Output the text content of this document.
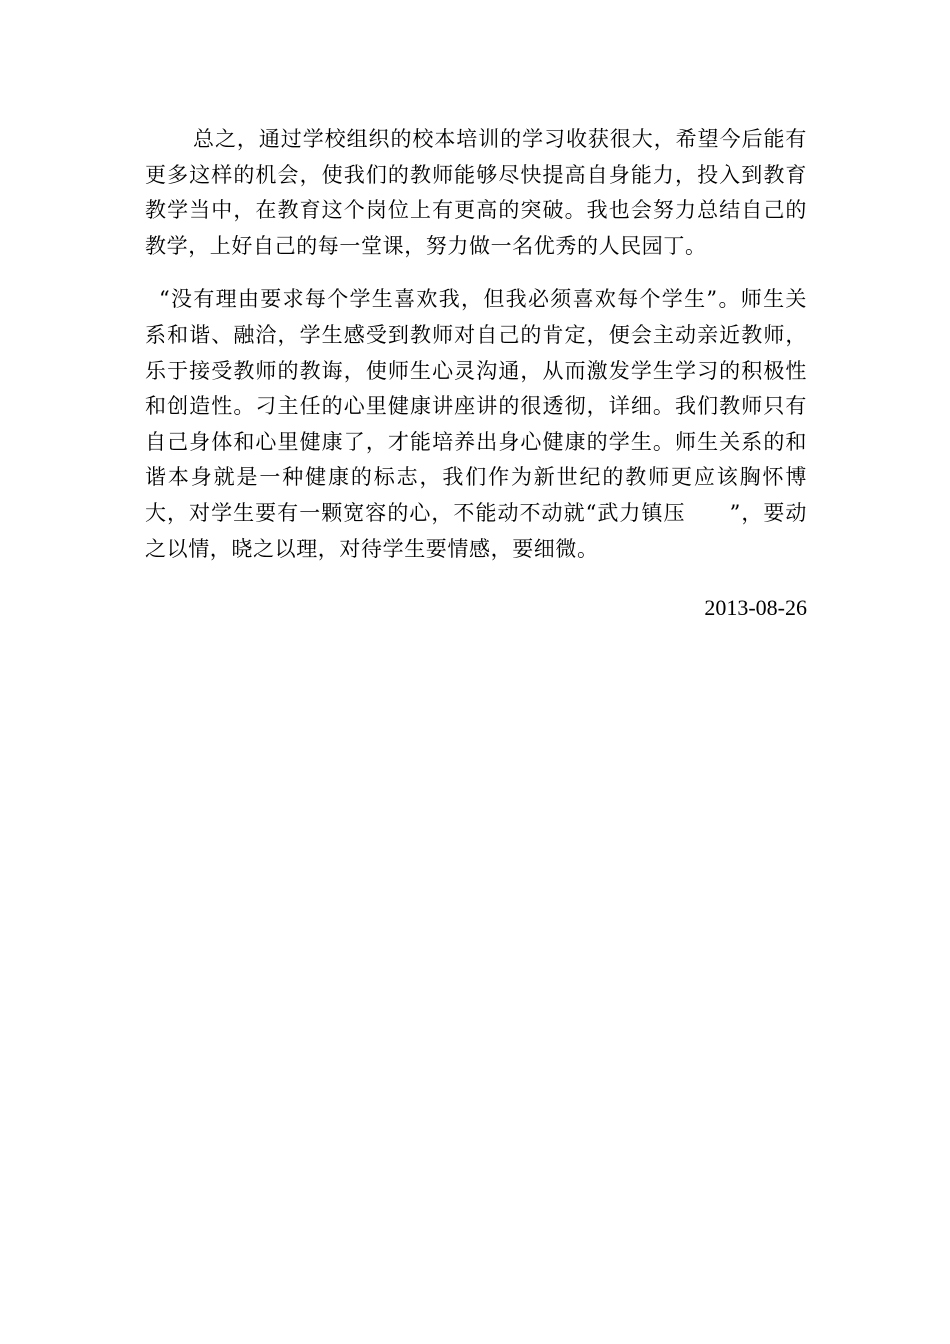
总之，通过学校组织的校本培训的学习收获很大，希望今后能有更多这样的机会，使我们的教师能够尽快提高自身能力，投入到教育教学当中，在教育这个岗位上有更高的突破。我也会努力总结自己的教学，上好自己的每一堂课，努力做一名优秀的人民园丁。

“没有理由要求每个学生喜欢我，但我必须喜欢每个学生”。师生关系和谐、融洽，学生感受到教师对自己的肯定，便会主动亲近教师，乐于接受教师的教诲，使师生心灵沟通，从而激发学生学习的积极性和创造性。刁主任的心里健康讲座讲的很透彻，详细。我们教师只有自己身体和心里健康了，才能培养出身心健康的学生。师生关系的和谐本身就是一种健康的标志，我们作为新世纪的教师更应该胸怀博大，对学生要有一颗宽容的心，不能动不动就“武力镇压　　”，要动之以情，晓之以理，对待学生要情感，要细微。

2013-08-26
